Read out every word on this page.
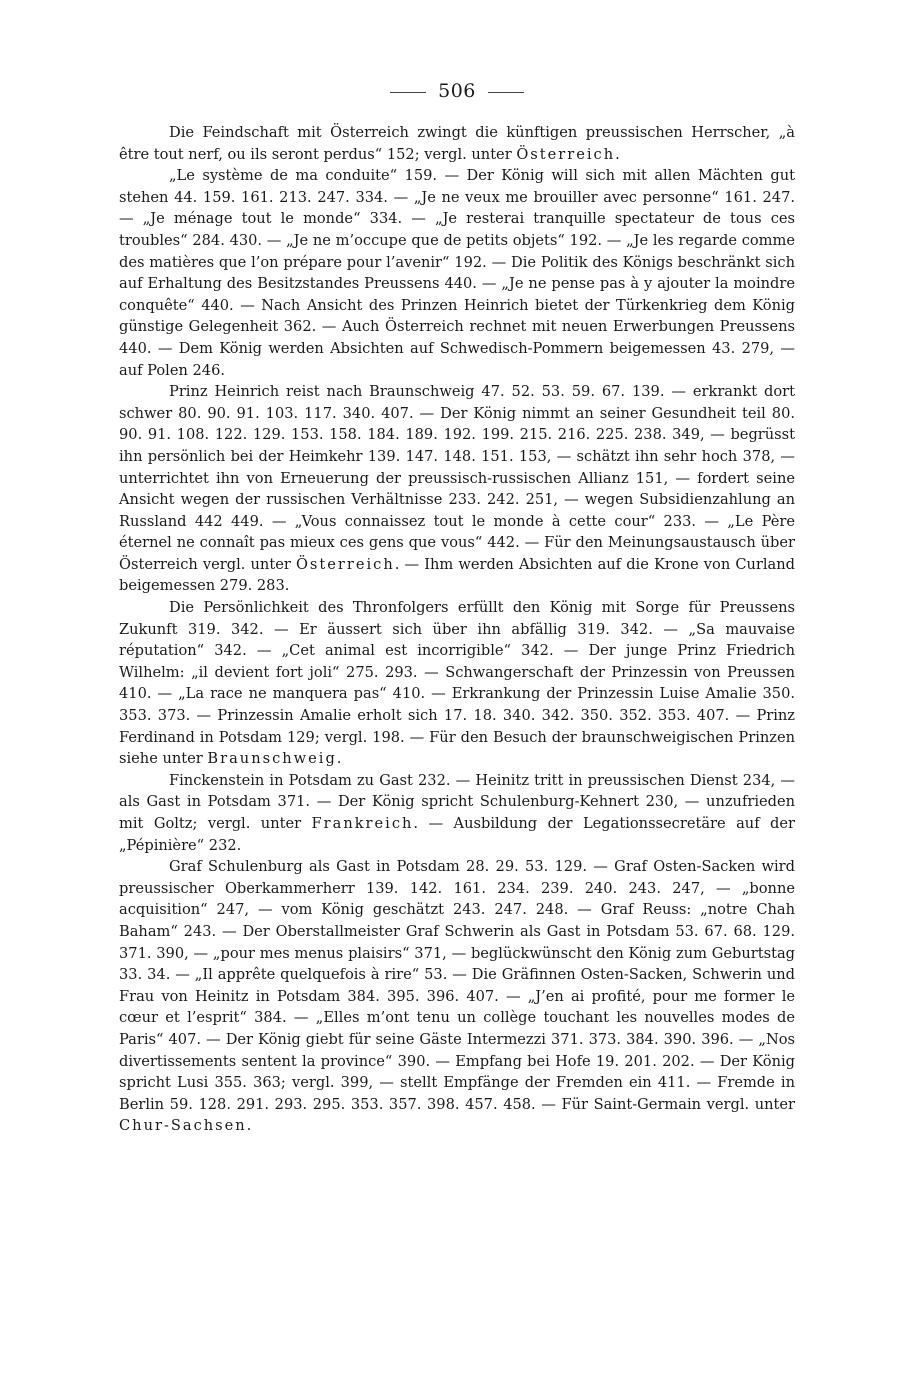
506

Die Feindschaft mit Österreich zwingt die künftigen preussischen Herrscher, „à être tout nerf, ou ils seront perdus“ 152; vergl. unter Österreich.

„Le système de ma conduite“ 159. — Der König will sich mit allen Mächten gut stehen 44. 159. 161. 213. 247. 334. — „Je ne veux me brouiller avec personne“ 161. 247. — „Je ménage tout le monde“ 334. — „Je resterai tranquille spectateur de tous ces troubles“ 284. 430. — „Je ne m’occupe que de petits objets“ 192. — „Je les regarde comme des matières que l’on prépare pour l’avenir“ 192. — Die Politik des Königs beschränkt sich auf Erhaltung des Besitzstandes Preussens 440. — „Je ne pense pas à y ajouter la moindre conquête“ 440. — Nach Ansicht des Prinzen Heinrich bietet der Türkenkrieg dem König günstige Gelegenheit 362. — Auch Österreich rechnet mit neuen Erwerbungen Preussens 440. — Dem König werden Absichten auf Schwedisch-Pommern beigemessen 43. 279, — auf Polen 246.

Prinz Heinrich reist nach Braunschweig 47. 52. 53. 59. 67. 139. — erkrankt dort schwer 80. 90. 91. 103. 117. 340. 407. — Der König nimmt an seiner Gesundheit teil 80. 90. 91. 108. 122. 129. 153. 158. 184. 189. 192. 199. 215. 216. 225. 238. 349, — begrüsst ihn persönlich bei der Heimkehr 139. 147. 148. 151. 153, — schätzt ihn sehr hoch 378, — unterrichtet ihn von Erneuerung der preussisch-russischen Allianz 151, — fordert seine Ansicht wegen der russischen Verhältnisse 233. 242. 251, — wegen Subsidienzahlung an Russland 442 449. — „Vous connaissez tout le monde à cette cour“ 233. — „Le Père éternel ne connaît pas mieux ces gens que vous“ 442. — Für den Meinungsaustausch über Österreich vergl. unter Österreich. — Ihm werden Absichten auf die Krone von Curland beigemessen 279. 283.

Die Persönlichkeit des Thronfolgers erfüllt den König mit Sorge für Preussens Zukunft 319. 342. — Er äussert sich über ihn abfällig 319. 342. — „Sa mauvaise réputation“ 342. — „Cet animal est incorrigible“ 342. — Der junge Prinz Friedrich Wilhelm: „il devient fort joli“ 275. 293. — Schwangerschaft der Prinzessin von Preussen 410. — „La race ne manquera pas“ 410. — Erkrankung der Prinzessin Luise Amalie 350. 353. 373. — Prinzessin Amalie erholt sich 17. 18. 340. 342. 350. 352. 353. 407. — Prinz Ferdinand in Potsdam 129; vergl. 198. — Für den Besuch der braunschweigischen Prinzen siehe unter Braunschweig.

Finckenstein in Potsdam zu Gast 232. — Heinitz tritt in preussischen Dienst 234, — als Gast in Potsdam 371. — Der König spricht Schulenburg-Kehnert 230, — unzufrieden mit Goltz; vergl. unter Frankreich. — Ausbildung der Legationssecretäre auf der „Pépinière“ 232.

Graf Schulenburg als Gast in Potsdam 28. 29. 53. 129. — Graf Osten-Sacken wird preussischer Oberkammerherr 139. 142. 161. 234. 239. 240. 243. 247, — „bonne acquisition“ 247, — vom König geschätzt 243. 247. 248. — Graf Reuss: „notre Chah Baham“ 243. — Der Oberstallmeister Graf Schwerin als Gast in Potsdam 53. 67. 68. 129. 371. 390, — „pour mes menus plaisirs“ 371, — beglückwünscht den König zum Geburtstag 33. 34. — „Il apprête quelquefois à rire“ 53. — Die Gräfinnen Osten-Sacken, Schwerin und Frau von Heinitz in Potsdam 384. 395. 396. 407. — „J’en ai profité, pour me former le cœur et l’esprit“ 384. — „Elles m’ont tenu un collège touchant les nouvelles modes de Paris“ 407. — Der König giebt für seine Gäste Intermezzi 371. 373. 384. 390. 396. — „Nos divertissements sentent la province“ 390. — Empfang bei Hofe 19. 201. 202. — Der König spricht Lusi 355. 363; vergl. 399, — stellt Empfänge der Fremden ein 411. — Fremde in Berlin 59. 128. 291. 293. 295. 353. 357. 398. 457. 458. — Für Saint-Germain vergl. unter Chur-Sachsen.
